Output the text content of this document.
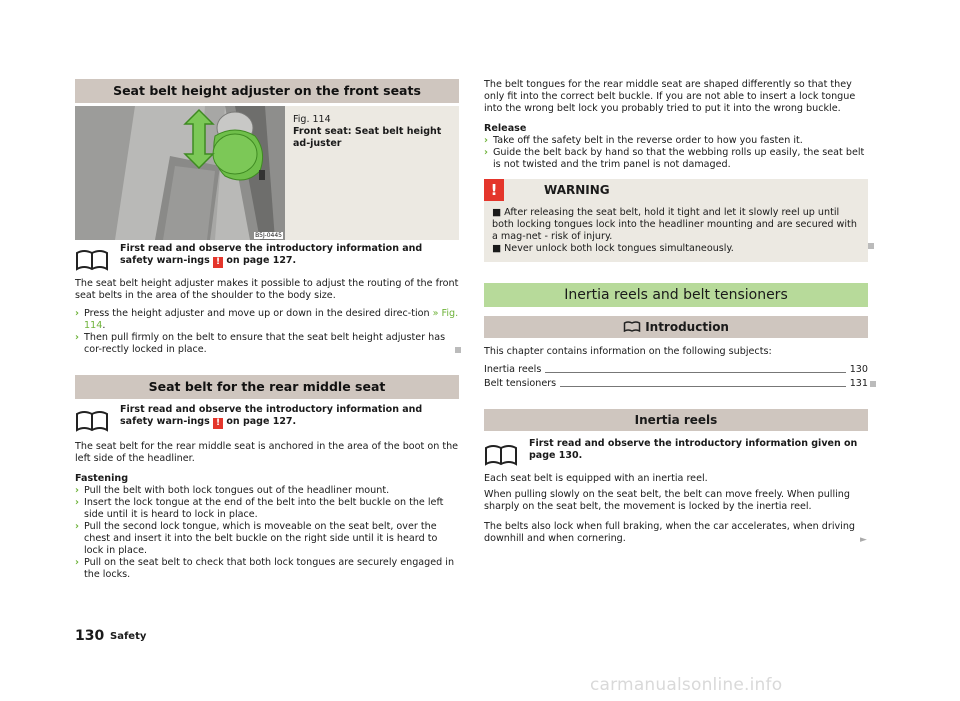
Seat belt height adjuster on the front seats
B5J-0445
Fig. 114
Front seat: Seat belt height ad-juster
First read and observe the introductory information and safety warn-ings ! on page 127.

The seat belt height adjuster makes it possible to adjust the routing of the front seat belts in the area of the shoulder to the body size.

› Press the height adjuster and move up or down in the desired direc-tion » Fig. 114.
› Then pull firmly on the belt to ensure that the seat belt height adjuster has cor-rectly locked in place.
Seat belt for the rear middle seat
First read and observe the introductory information and safety warn-ings ! on page 127.

The seat belt for the rear middle seat is anchored in the area of the boot on the left side of the headliner.

Fastening
› Pull the belt with both lock tongues out of the headliner mount.
› Insert the lock tongue at the end of the belt into the belt buckle on the left side until it is heard to lock in place.
› Pull the second lock tongue, which is moveable on the seat belt, over the chest and insert it into the belt buckle on the right side until it is heard to lock in place.
› Pull on the seat belt to check that both lock tongues are securely engaged in the locks.

The belt tongues for the rear middle seat are shaped differently so that they only fit into the correct belt buckle. If you are not able to insert a lock tongue into the wrong belt lock you probably tried to put it into the wrong buckle.

Release
› Take off the safety belt in the reverse order to how you fasten it.
› Guide the belt back by hand so that the webbing rolls up easily, the seat belt is not twisted and the trim panel is not damaged.
!	WARNING
■ After releasing the seat belt, hold it tight and let it slowly reel up until both locking tongues lock into the headliner mounting and are secured with a mag-net - risk of injury.
■ Never unlock both lock tongues simultaneously.
Inertia reels and belt tensioners
Introduction

This chapter contains information on the following subjects:

Inertia reels	130
Belt tensioners	131
Inertia reels
First read and observe the introductory information given on page 130.

Each seat belt is equipped with an inertia reel.

When pulling slowly on the seat belt, the belt can move freely. When pulling sharply on the seat belt, the movement is locked by the inertia reel.

The belts also lock when full braking, when the car accelerates, when driving downhill and when cornering.	►
130 Safety
carmanualsonline.info
